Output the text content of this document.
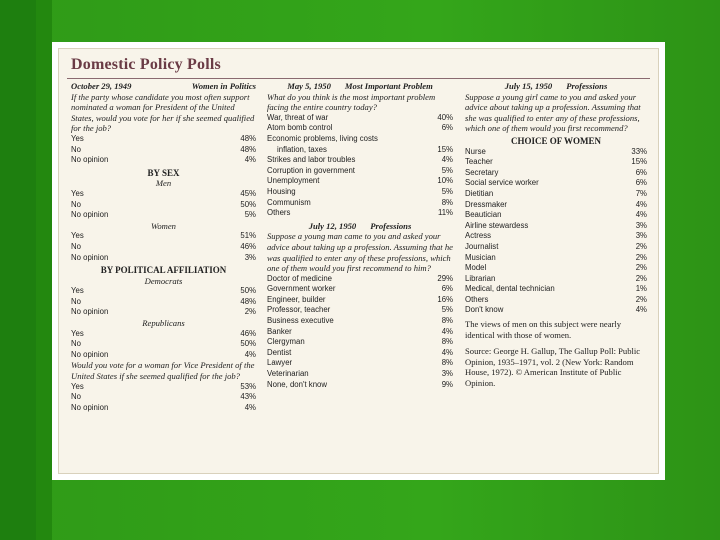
Domestic Policy Polls
October 29, 1949	Women in Politics
If the party whose candidate you most often support nominated a woman for President of the United States, would you vote for her if she seemed qualified for the job?
Yes	48%
No	48%
No opinion	4%
BY SEX
Men
Yes	45%
No	50%
No opinion	5%
Women
Yes	51%
No	46%
No opinion	3%
BY POLITICAL AFFILIATION
Democrats
Yes	50%
No	48%
No opinion	2%
Republicans
Yes	46%
No	50%
No opinion	4%
Would you vote for a woman for Vice President of the United States if she seemed qualified for the job?
Yes	53%
No	43%
No opinion	4%
May 5, 1950 Most Important Problem
What do you think is the most important problem facing the entire country today?
War, threat of war	40%
Atom bomb control	6%
Economic problems, living costs
inflation, taxes	15%
Strikes and labor troubles	4%
Corruption in government	5%
Unemployment	10%
Housing	5%
Communism	8%
Others	11%
July 12, 1950 Professions
Suppose a young man came to you and asked your advice about taking up a profession. Assuming that he was qualified to enter any of these professions, which one of them would you first recommend to him?
Doctor of medicine	29%
Government worker	6%
Engineer, builder	16%
Professor, teacher	5%
Business executive	8%
Banker	4%
Clergyman	8%
Dentist	4%
Lawyer	8%
Veterinarian	3%
None, don't know	9%
July 15, 1950 Professions
Suppose a young girl came to you and asked your advice about taking up a profession. Assuming that she was qualified to enter any of these professions, which one of them would you first recommend?
CHOICE OF WOMEN
Nurse	33%
Teacher	15%
Secretary	6%
Social service worker	6%
Dietitian	7%
Dressmaker	4%
Beautician	4%
Airline stewardess	3%
Actress	3%
Journalist	2%
Musician	2%
Model	2%
Librarian	2%
Medical, dental technician	1%
Others	2%
Don't know	4%
The views of men on this subject were nearly identical with those of women.
Source: George H. Gallup, The Gallup Poll: Public Opinion, 1935–1971, vol. 2 (New York: Random House, 1972). © American Institute of Public Opinion.
